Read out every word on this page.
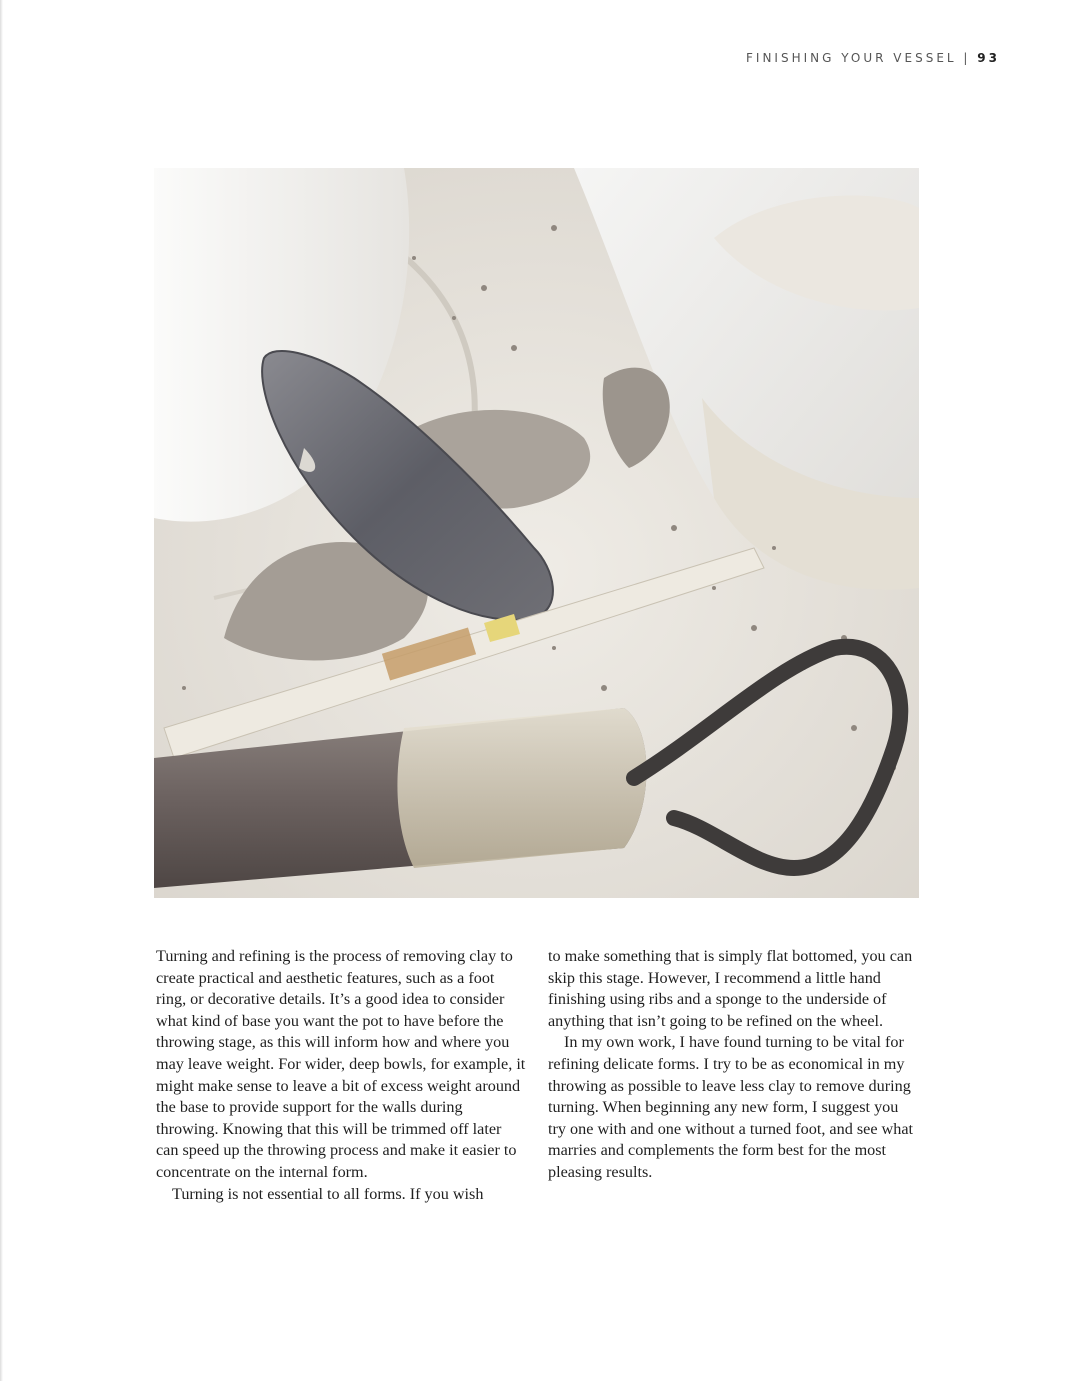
FINISHING YOUR VESSEL | 93

Turning and refining is the process of removing clay to create practical and aesthetic features, such as a foot ring, or decorative details. It’s a good idea to consider what kind of base you want the pot to have before the throwing stage, as this will inform how and where you may leave weight. For wider, deep bowls, for example, it might make sense to leave a bit of excess weight around the base to provide support for the walls during throwing. Knowing that this will be trimmed off later can speed up the throwing process and make it easier to concentrate on the internal form.

Turning is not essential to all forms. If you wish

to make something that is simply flat bottomed, you can skip this stage. However, I recommend a little hand finishing using ribs and a sponge to the underside of anything that isn’t going to be refined on the wheel.

In my own work, I have found turning to be vital for refining delicate forms. I try to be as economical in my throwing as possible to leave less clay to remove during turning. When beginning any new form, I suggest you try one with and one without a turned foot, and see what marries and complements the form best for the most pleasing results.
